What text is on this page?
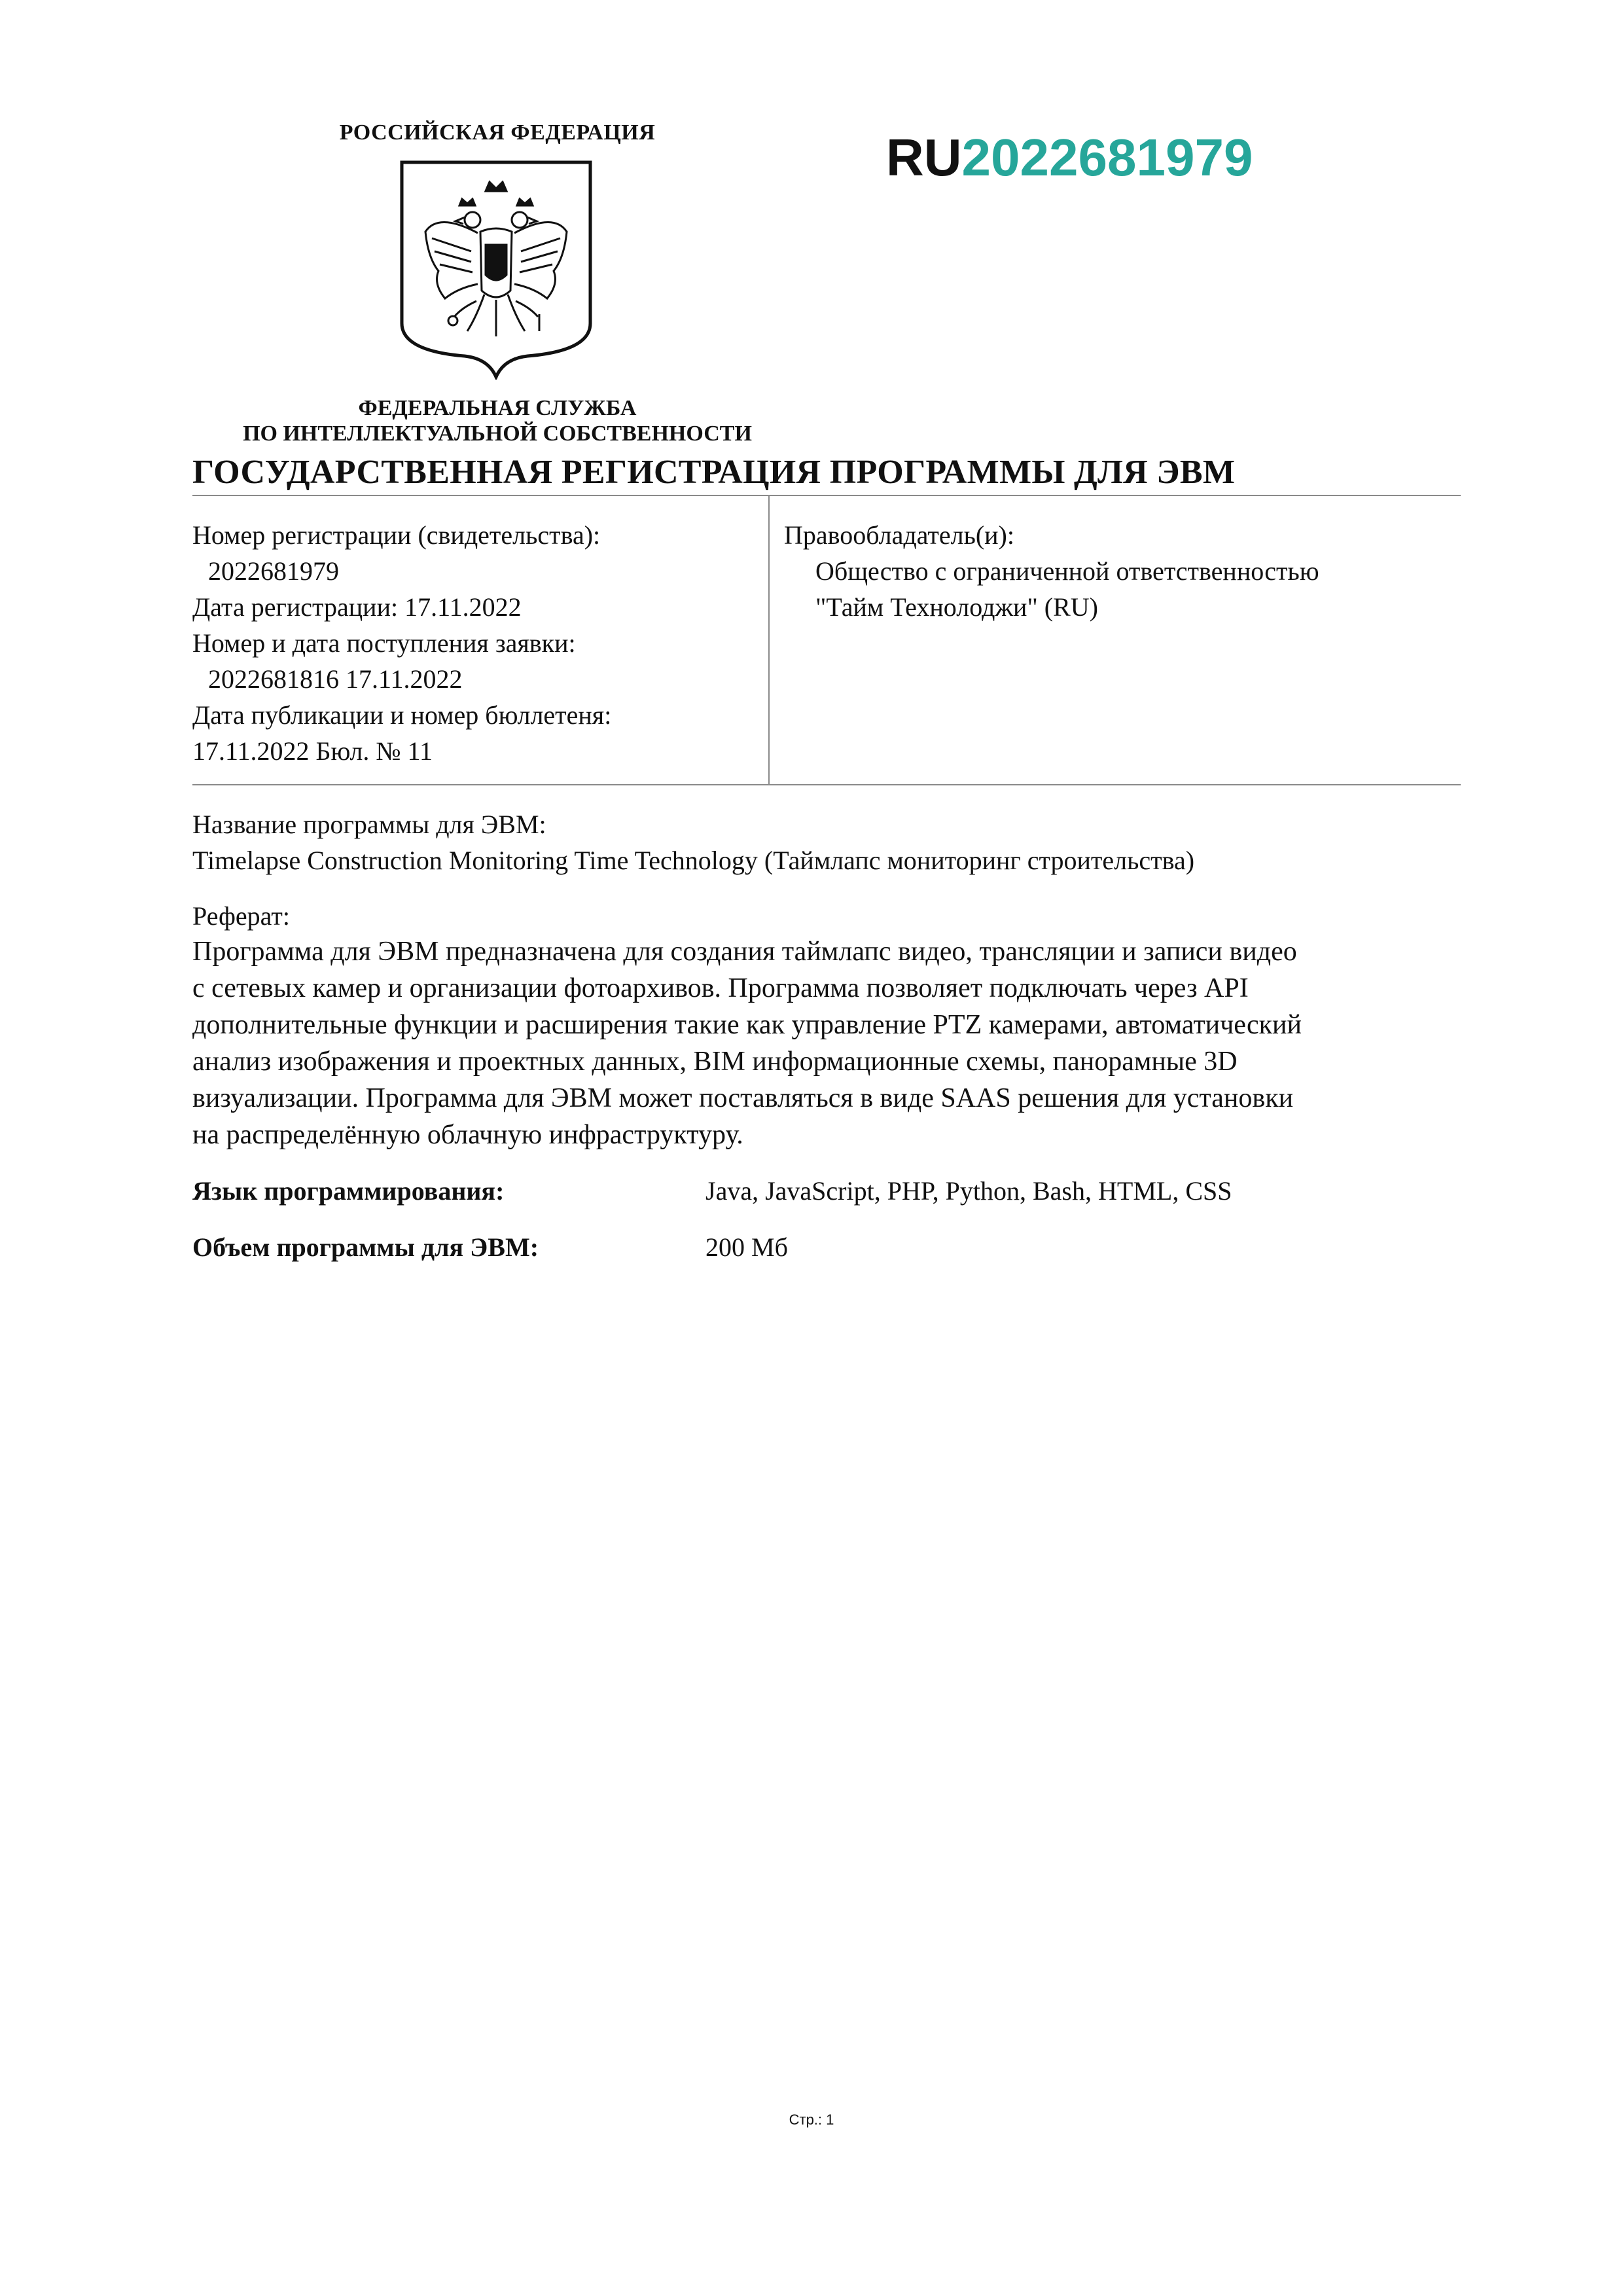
РОССИЙСКАЯ ФЕДЕРАЦИЯ	RU2022681979
ФЕДЕРАЛЬНАЯ СЛУЖБА
ПО ИНТЕЛЛЕКТУАЛЬНОЙ СОБСТВЕННОСТИ
ГОСУДАРСТВЕННАЯ РЕГИСТРАЦИЯ ПРОГРАММЫ ДЛЯ ЭВМ
Номер регистрации (свидетельства):
2022681979
Дата регистрации: 17.11.2022
Номер и дата поступления заявки:
2022681816 17.11.2022
Дата публикации и номер бюллетеня:
17.11.2022 Бюл. № 11
Правообладатель(и):
Общество с ограниченной ответственностью
"Тайм Технолоджи" (RU)
Название программы для ЭВМ:
Timelapse Construction Monitoring Time Technology (Таймлапс мониторинг строительства)
Реферат:
Программа для ЭВМ предназначена для создания таймлапс видео, трансляции и записи видео
с сетевых камер и организации фотоархивов. Программа позволяет подключать через API
дополнительные функции и расширения такие как управление PTZ камерами, автоматический
анализ изображения и проектных данных, BIM информационные схемы, панорамные 3D
визуализации. Программа для ЭВМ может поставляться в виде SAAS решения для установки
на распределённую облачную инфраструктуру.
Язык программирования:	Java, JavaScript, PHP, Python, Bash, HTML, CSS
Объем программы для ЭВМ:	200 Мб
Стр.: 1
